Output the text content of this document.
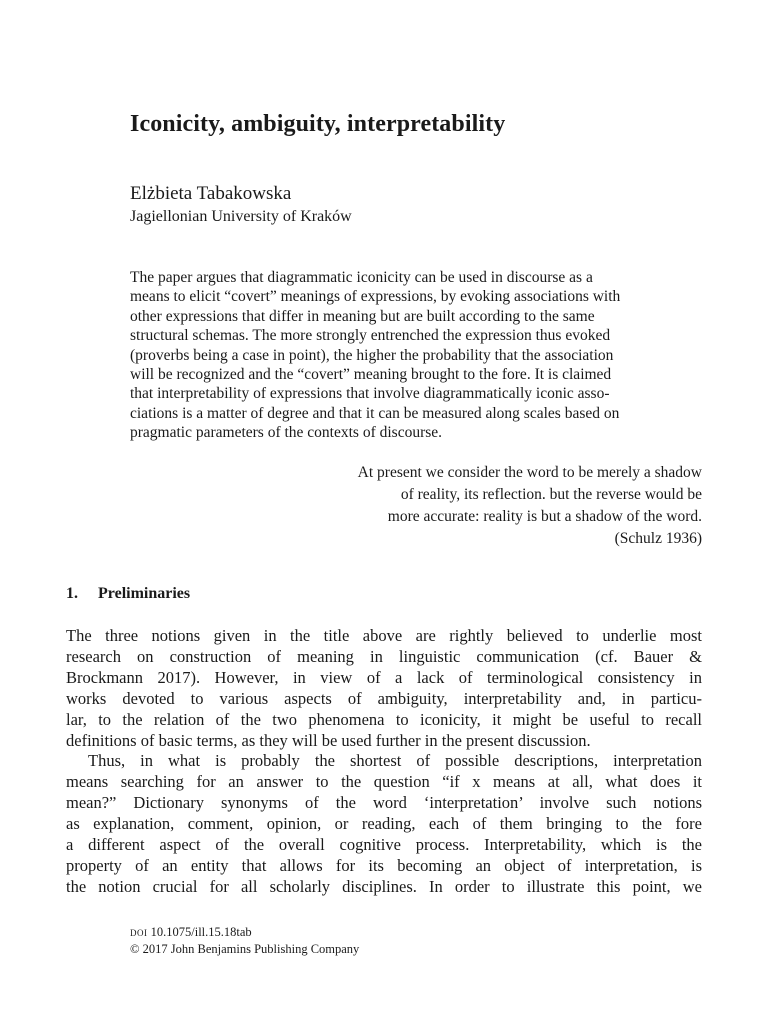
Iconicity, ambiguity, interpretability
Elżbieta Tabakowska
Jagiellonian University of Kraków
The paper argues that diagrammatic iconicity can be used in discourse as a
means to elicit “covert” meanings of expressions, by evoking associations with
other expressions that differ in meaning but are built according to the same
structural schemas. The more strongly entrenched the expression thus evoked
(proverbs being a case in point), the higher the probability that the association
will be recognized and the “covert” meaning brought to the fore. It is claimed
that interpretability of expressions that involve diagrammatically iconic asso-
ciations is a matter of degree and that it can be measured along scales based on
pragmatic parameters of the contexts of discourse.
At present we consider the word to be merely a shadow
of reality, its reflection. but the reverse would be
more accurate: reality is but a shadow of the word.
(Schulz 1936)
1. Preliminaries
The three notions given in the title above are rightly believed to underlie most
research on construction of meaning in linguistic communication (cf. Bauer &
Brockmann 2017). However, in view of a lack of terminological consistency in
works devoted to various aspects of ambiguity, interpretability and, in particu-
lar, to the relation of the two phenomena to iconicity, it might be useful to recall
definitions of basic terms, as they will be used further in the present discussion.
Thus, in what is probably the shortest of possible descriptions, interpretation
means searching for an answer to the question “if x means at all, what does it
mean?” Dictionary synonyms of the word ‘interpretation’ involve such notions
as explanation, comment, opinion, or reading, each of them bringing to the fore
a different aspect of the overall cognitive process. Interpretability, which is the
property of an entity that allows for its becoming an object of interpretation, is
the notion crucial for all scholarly disciplines. In order to illustrate this point, we
doi 10.1075/ill.15.18tab
© 2017 John Benjamins Publishing Company
